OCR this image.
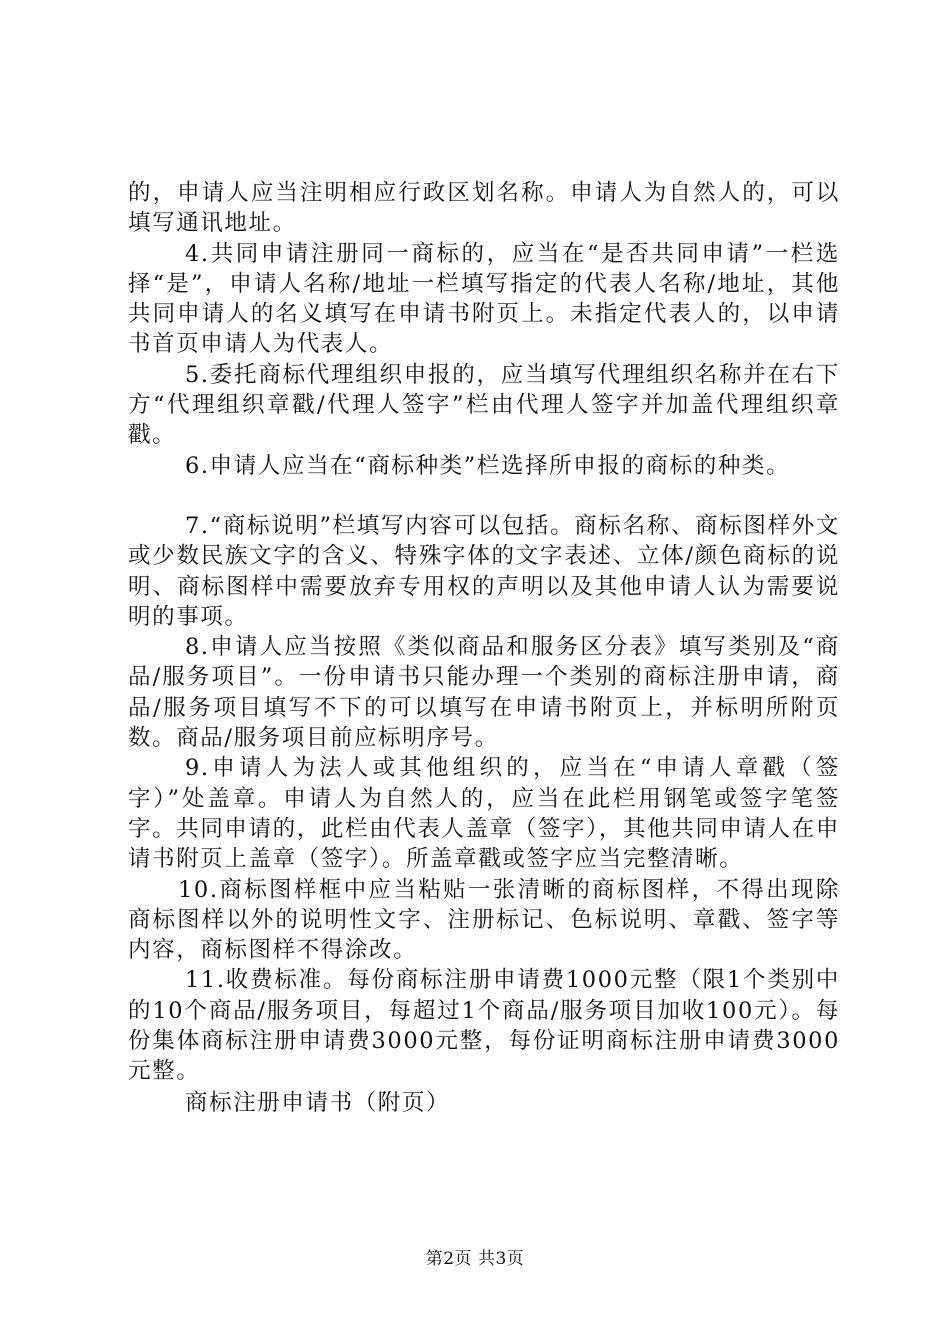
的，申请人应当注明相应行政区划名称。申请人为自然人的，可以填写通讯地址。

4.共同申请注册同一商标的，应当在“是否共同申请”一栏选择“是”，申请人名称/地址一栏填写指定的代表人名称/地址，其他共同申请人的名义填写在申请书附页上。未指定代表人的，以申请书首页申请人为代表人。

5.委托商标代理组织申报的，应当填写代理组织名称并在右下方“代理组织章戳/代理人签字”栏由代理人签字并加盖代理组织章戳。

6.申请人应当在“商标种类”栏选择所申报的商标的种类。

7.“商标说明”栏填写内容可以包括。商标名称、商标图样外文或少数民族文字的含义、特殊字体的文字表述、立体/颜色商标的说明、商标图样中需要放弃专用权的声明以及其他申请人认为需要说明的事项。

8.申请人应当按照《类似商品和服务区分表》填写类别及“商品/服务项目”。一份申请书只能办理一个类别的商标注册申请，商品/服务项目填写不下的可以填写在申请书附页上，并标明所附页数。商品/服务项目前应标明序号。

9.申请人为法人或其他组织的，应当在“申请人章戳（签字）”处盖章。申请人为自然人的，应当在此栏用钢笔或签字笔签字。共同申请的，此栏由代表人盖章（签字），其他共同申请人在申请书附页上盖章（签字）。所盖章戳或签字应当完整清晰。

10.商标图样框中应当粘贴一张清晰的商标图样，不得出现除商标图样以外的说明性文字、注册标记、色标说明、章戳、签字等内容，商标图样不得涂改。

11.收费标准。每份商标注册申请费1000元整（限1个类别中的10个商品/服务项目，每超过1个商品/服务项目加收100元）。每份集体商标注册申请费3000元整，每份证明商标注册申请费3000元整。

商标注册申请书（附页）

第2页 共3页
